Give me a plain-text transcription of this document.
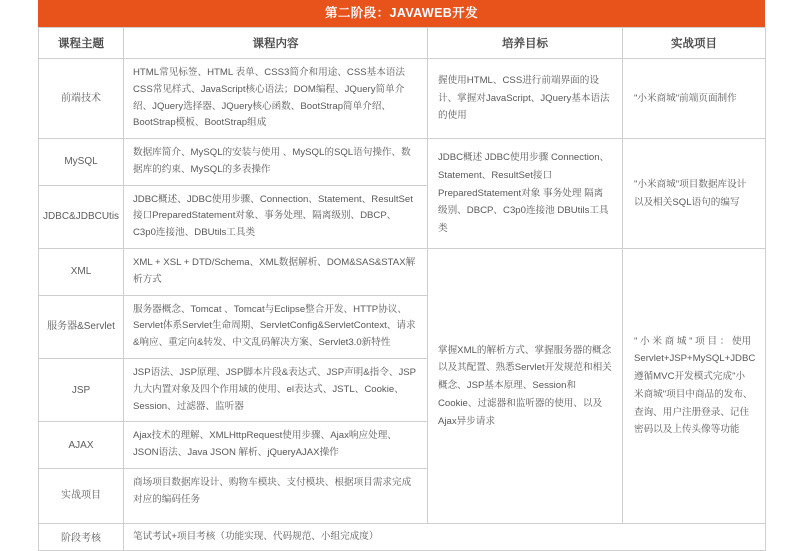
第二阶段：JAVAWEB开发
课程主题	课程内容	培养目标	实战项目
前端技术	HTML常见标签、HTML 表单、CSS3简介和用途、CSS基本语法 CSS常见样式、JavaScript核心语法；DOM编程、JQuery简单介绍、JQuery选择器、JQuery核心函数、BootStrap简单介绍、BootStrap模板、BootStrap组成	握使用HTML、CSS进行前端界面的设计、掌握对JavaScript、JQuery基本语法的使用	"小米商城"前端页面制作
MySQL	数据库简介、MySQL的安装与使用 、MySQL的SQL语句操作、数据库的约束、MySQL的多表操作	JDBC概述 JDBC使用步骤 Connection、Statement、ResultSet接口PreparedStatement对象 事务处理 隔离级别、DBCP、C3p0连接池 DBUtils工具类	"小米商城"项目数据库设计以及相关SQL语句的编写
JDBC&JDBCUtis	JDBC概述、JDBC使用步骤、Connection、Statement、ResultSet接口PreparedStatement对象、事务处理、隔离级别、DBCP、C3p0连接池、DBUtils工具类		
XML	XML + XSL + DTD/Schema、XML数据解析、DOM&SAS&STAX解析方式	掌握XML的解析方式、掌握服务器的概念以及其配置、熟悉Servlet开发规范和相关概念、JSP基本原理、Session和Cookie、过滤器和监听器的使用、以及Ajax异步请求	" 小 米 商 城 " 项 目 ： 使用Servlet+JSP+MySQL+JDBC遵循MVC开发模式完成"小米商城"项目中商品的发布、查询、用户注册登录、记住密码以及上传头像等功能
服务器&Servlet	服务器概念、Tomcat 、Tomcat与Eclipse整合开发、HTTP协议、Servlet体系Servlet生命周期、ServletConfig&ServletContext、请求&响应、重定向&转发、中文乱码解决方案、Servlet3.0新特性		
JSP	JSP语法、JSP原理、JSP脚本片段&表达式、JSP声明&指令、JSP九大内置对象及四个作用域的使用、el表达式、JSTL、Cookie、Session、过滤器、监听器		
AJAX	Ajax技术的理解、XMLHttpRequest使用步骤、Ajax响应处理、JSON语法、Java JSON 解析、jQueryAJAX操作		
实战项目	商场项目数据库设计、购物车模块、支付模块、根据项目需求完成对应的编码任务		
阶段考核	笔试考试+项目考核（功能实现、代码规范、小组完成度）		
